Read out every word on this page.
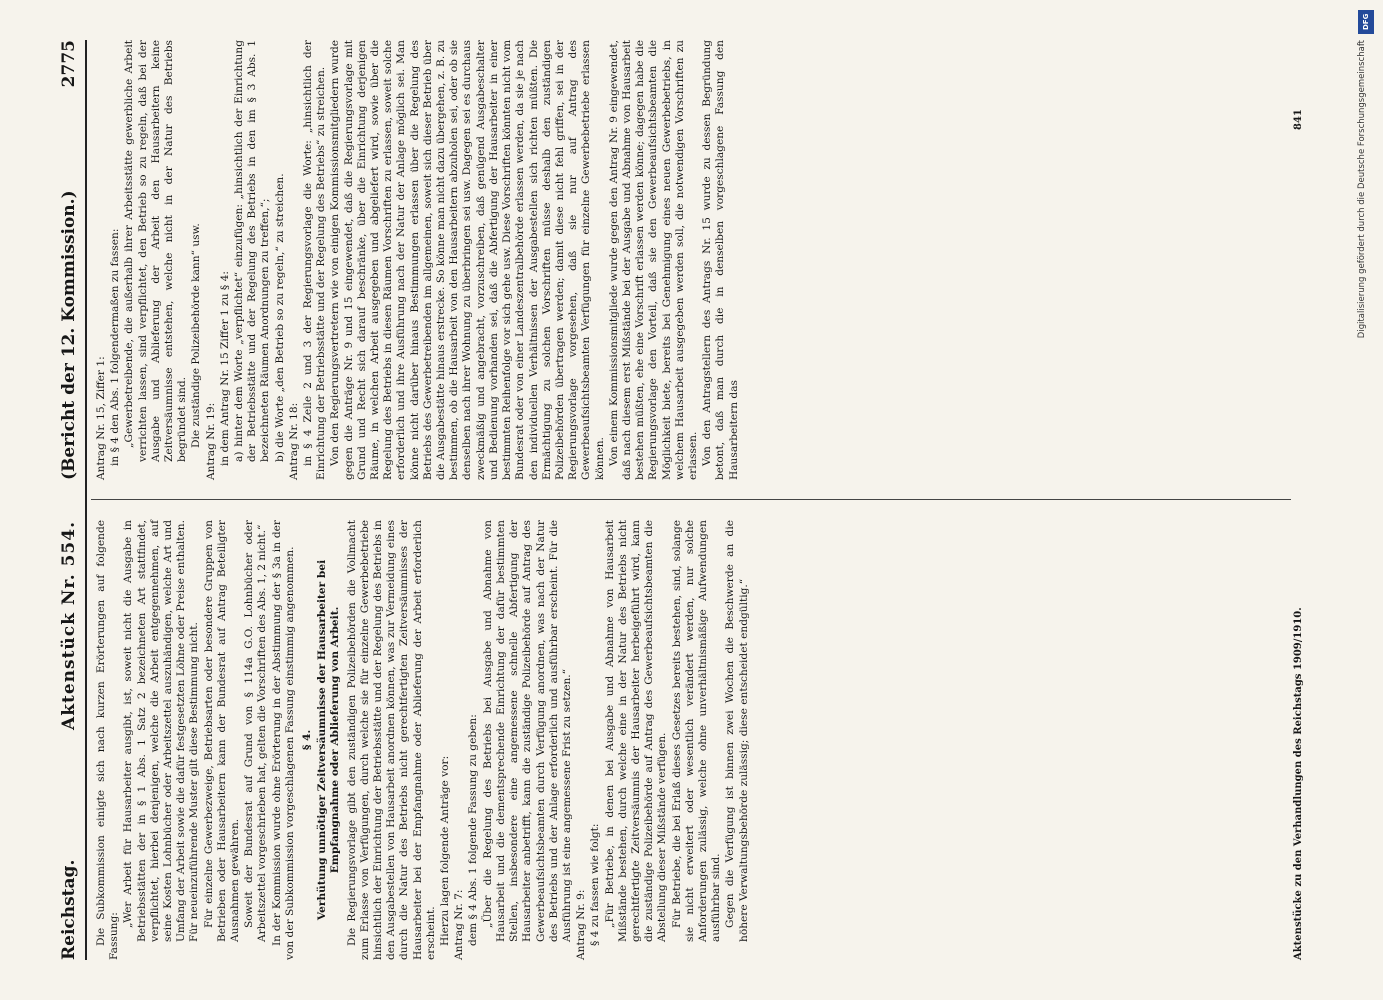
Reichstag.
Aktenstück Nr. 554.
2775
(Bericht der 12. Kommission.)

Die Subkommission einigte sich nach kurzen Erörterungen auf folgende Fassung:

„Wer Arbeit für Hausarbeiter ausgibt, ist, soweit nicht die Ausgabe in Betriebsstätten der in § 1 Abs. 1 Satz 2 bezeichneten Art stattfindet, verpflichtet, hierbei denjenigen, welche die Arbeit entgegennehmen, auf seine Kosten Lohnbücher oder Arbeitszettel auszuhändigen, welche Art und Umfang der Arbeit sowie die dafür festgesetzten Löhne oder Preise enthalten. Für neueinzuführende Muster gilt diese Bestimmung nicht. Für einzelne Gewerbezweige, Betriebsarten oder besondere Gruppen von Betrieben oder Hausarbeitern kann der Bundesrat auf Antrag Beteiligter Ausnahmen gewähren. Soweit der Bundesrat auf Grund von § 114a G.O. Lohnbücher oder Arbeitszettel vorgeschrieben hat, gelten die Vorschriften des Abs. 1, 2 nicht.“ In der Kommission wurde ohne Erörterung in der Abstimmung der § 3a in der von der Subkommission vorgeschlagenen Fassung einstimmig angenommen. § 4. Verhütung unnötiger Zeitversäumnisse der Hausarbeiter bei Empfangnahme oder Ablieferung von Arbeit. Die Regierungsvorlage gibt den zuständigen Polizeibehörden die Vollmacht zum Erlasse von Verfügungen, durch welche sie für einzelne Gewerbebetriebe hinsichtlich der Einrichtung der Betriebsstätte und der Regelung des Betriebs in den Ausgabestellen von Hausarbeit anordnen können, was zur Vermeidung eines durch die Natur des Betriebs nicht gerechtfertigten Zeitversäumnisses der Hausarbeiter bei der Empfangnahme oder Ablieferung der Arbeit erforderlich erscheint. Hierzu lagen folgende Anträge vor: Antrag Nr. 7: dem § 4 Abs. 1 folgende Fassung zu geben: „Über die Regelung des Betriebs bei Ausgabe und Abnahme von Hausarbeit und die dementsprechende Einrichtung der dafür bestimmten Stellen, insbesondere eine angemessene schnelle Abfertigung der Hausarbeiter anbetrifft, kann die zuständige Polizeibehörde auf Antrag des Gewerbeaufsichtsbeamten durch Verfügung anordnen, was nach der Natur des Betriebs und der Anlage erforderlich und ausführbar erscheint. Für die Ausführung ist eine angemessene Frist zu setzen.“ Antrag Nr. 9: § 4 zu fassen wie folgt: „Für Betriebe, in denen bei Ausgabe und Abnahme von Hausarbeit Mißstände bestehen, durch welche eine in der Natur des Betriebs nicht gerechtfertigte Zeitversäumnis der Hausarbeiter herbeigeführt wird, kann die zuständige Polizeibehörde auf Antrag des Gewerbeaufsichtsbeamten die Abstellung dieser Mißstände verfügen. Für Betriebe, die bei Erlaß dieses Gesetzes bereits bestehen, sind, solange sie nicht erweitert oder wesentlich verändert werden, nur solche Anforderungen zulässig, welche ohne unverhältnismäßige Aufwendungen ausführbar sind. Gegen die Verfügung ist binnen zwei Wochen die Beschwerde an die höhere Verwaltungsbehörde zulässig; diese entscheidet endgültig.“

Antrag Nr. 15, Ziffer 1: in § 4 den Abs. 1 folgendermaßen zu fassen: „Gewerbetreibende, die außerhalb ihrer Arbeitsstätte gewerbliche Arbeit verrichten lassen, sind verpflichtet, den Betrieb so zu regeln, daß bei der Ausgabe und Ablieferung der Arbeit den Hausarbeitern keine Zeitversäumnisse entstehen, welche nicht in der Natur des Betriebs begründet sind. Die zuständige Polizeibehörde kann“ usw. Antrag Nr. 19: in dem Antrag Nr. 15 Ziffer 1 zu § 4: a) hinter dem Worte „verpflichtet“ einzufügen: „hinsichtlich der Einrichtung der Betriebsstätte und der Regelung des Betriebs in den im § 3 Abs. 1 bezeichneten Räumen Anordnungen zu treffen,“; b) die Worte „den Betrieb so zu regeln,“ zu streichen. Antrag Nr. 18: in § 4 Zeile 2 und 3 der Regierungsvorlage die Worte: „hinsichtlich der Einrichtung der Betriebsstätte und der Regelung des Betriebs“ zu streichen. Von den Regierungsvertretern wie von einigen Kommissionsmitgliedern wurde gegen die Anträge Nr. 9 und 15 eingewendet, daß die Regierungsvorlage mit Grund und Recht sich darauf beschränke, über die Einrichtung derjenigen Räume, in welchen Arbeit ausgegeben und abgeliefert wird, sowie über die Regelung des Betriebs in diesen Räumen Vorschriften zu erlassen, soweit solche erforderlich und ihre Ausführung nach der Natur der Anlage möglich sei. Man könne nicht darüber hinaus Bestimmungen erlassen über die Regelung des Betriebs des Gewerbetreibenden im allgemeinen, soweit sich dieser Betrieb über die Ausgabestätte hinaus erstrecke. So könne man nicht dazu übergehen, z. B. zu bestimmen, ob die Hausarbeit von den Hausarbeitern abzuholen sei, oder ob sie denselben nach ihrer Wohnung zu überbringen sei usw. Dagegen sei es durchaus zweckmäßig und angebracht, vorzuschreiben, daß genügend Ausgabeschalter und Bedienung vorhanden sei, daß die Abfertigung der Hausarbeiter in einer bestimmten Reihenfolge vor sich gehe usw. Diese Vorschriften könnten nicht vom Bundesrat oder von einer Landeszentralbehörde erlassen werden, da sie je nach den individuellen Verhältnissen der Ausgabestellen sich richten müßten. Die Ermächtigung zu solchen Vorschriften müsse deshalb den zuständigen Polizeibehörden übertragen werden; damit diese nicht fehl griffen, sei in der Regierungsvorlage vorgesehen, daß sie nur auf Antrag des Gewerbeaufsichtsbeamten Verfügungen für einzelne Gewerbebetriebe erlassen können. Von einem Kommissionsmitgliede wurde gegen den Antrag Nr. 9 eingewendet, daß nach diesem erst Mißstände bei der Ausgabe und Abnahme von Hausarbeit bestehen müßten, ehe eine Vorschrift erlassen werden könne; dagegen habe die Regierungsvorlage den Vorteil, daß sie den Gewerbeaufsichtsbeamten die Möglichkeit biete, bereits bei Genehmigung eines neuen Gewerbebetriebs, in welchem Hausarbeit ausgegeben werden soll, die notwendigen Vorschriften zu erlassen. Von den Antragstellern des Antrags Nr. 15 wurde zu dessen Begründung betont, daß man durch die in denselben vorgeschlagene Fassung den Hausarbeitern das

Aktenstücke zu den Verhandlungen des Reichstags 1909/1910.
841
DFG
Digitalisierung gefördert durch die Deutsche Forschungsgemeinschaft
